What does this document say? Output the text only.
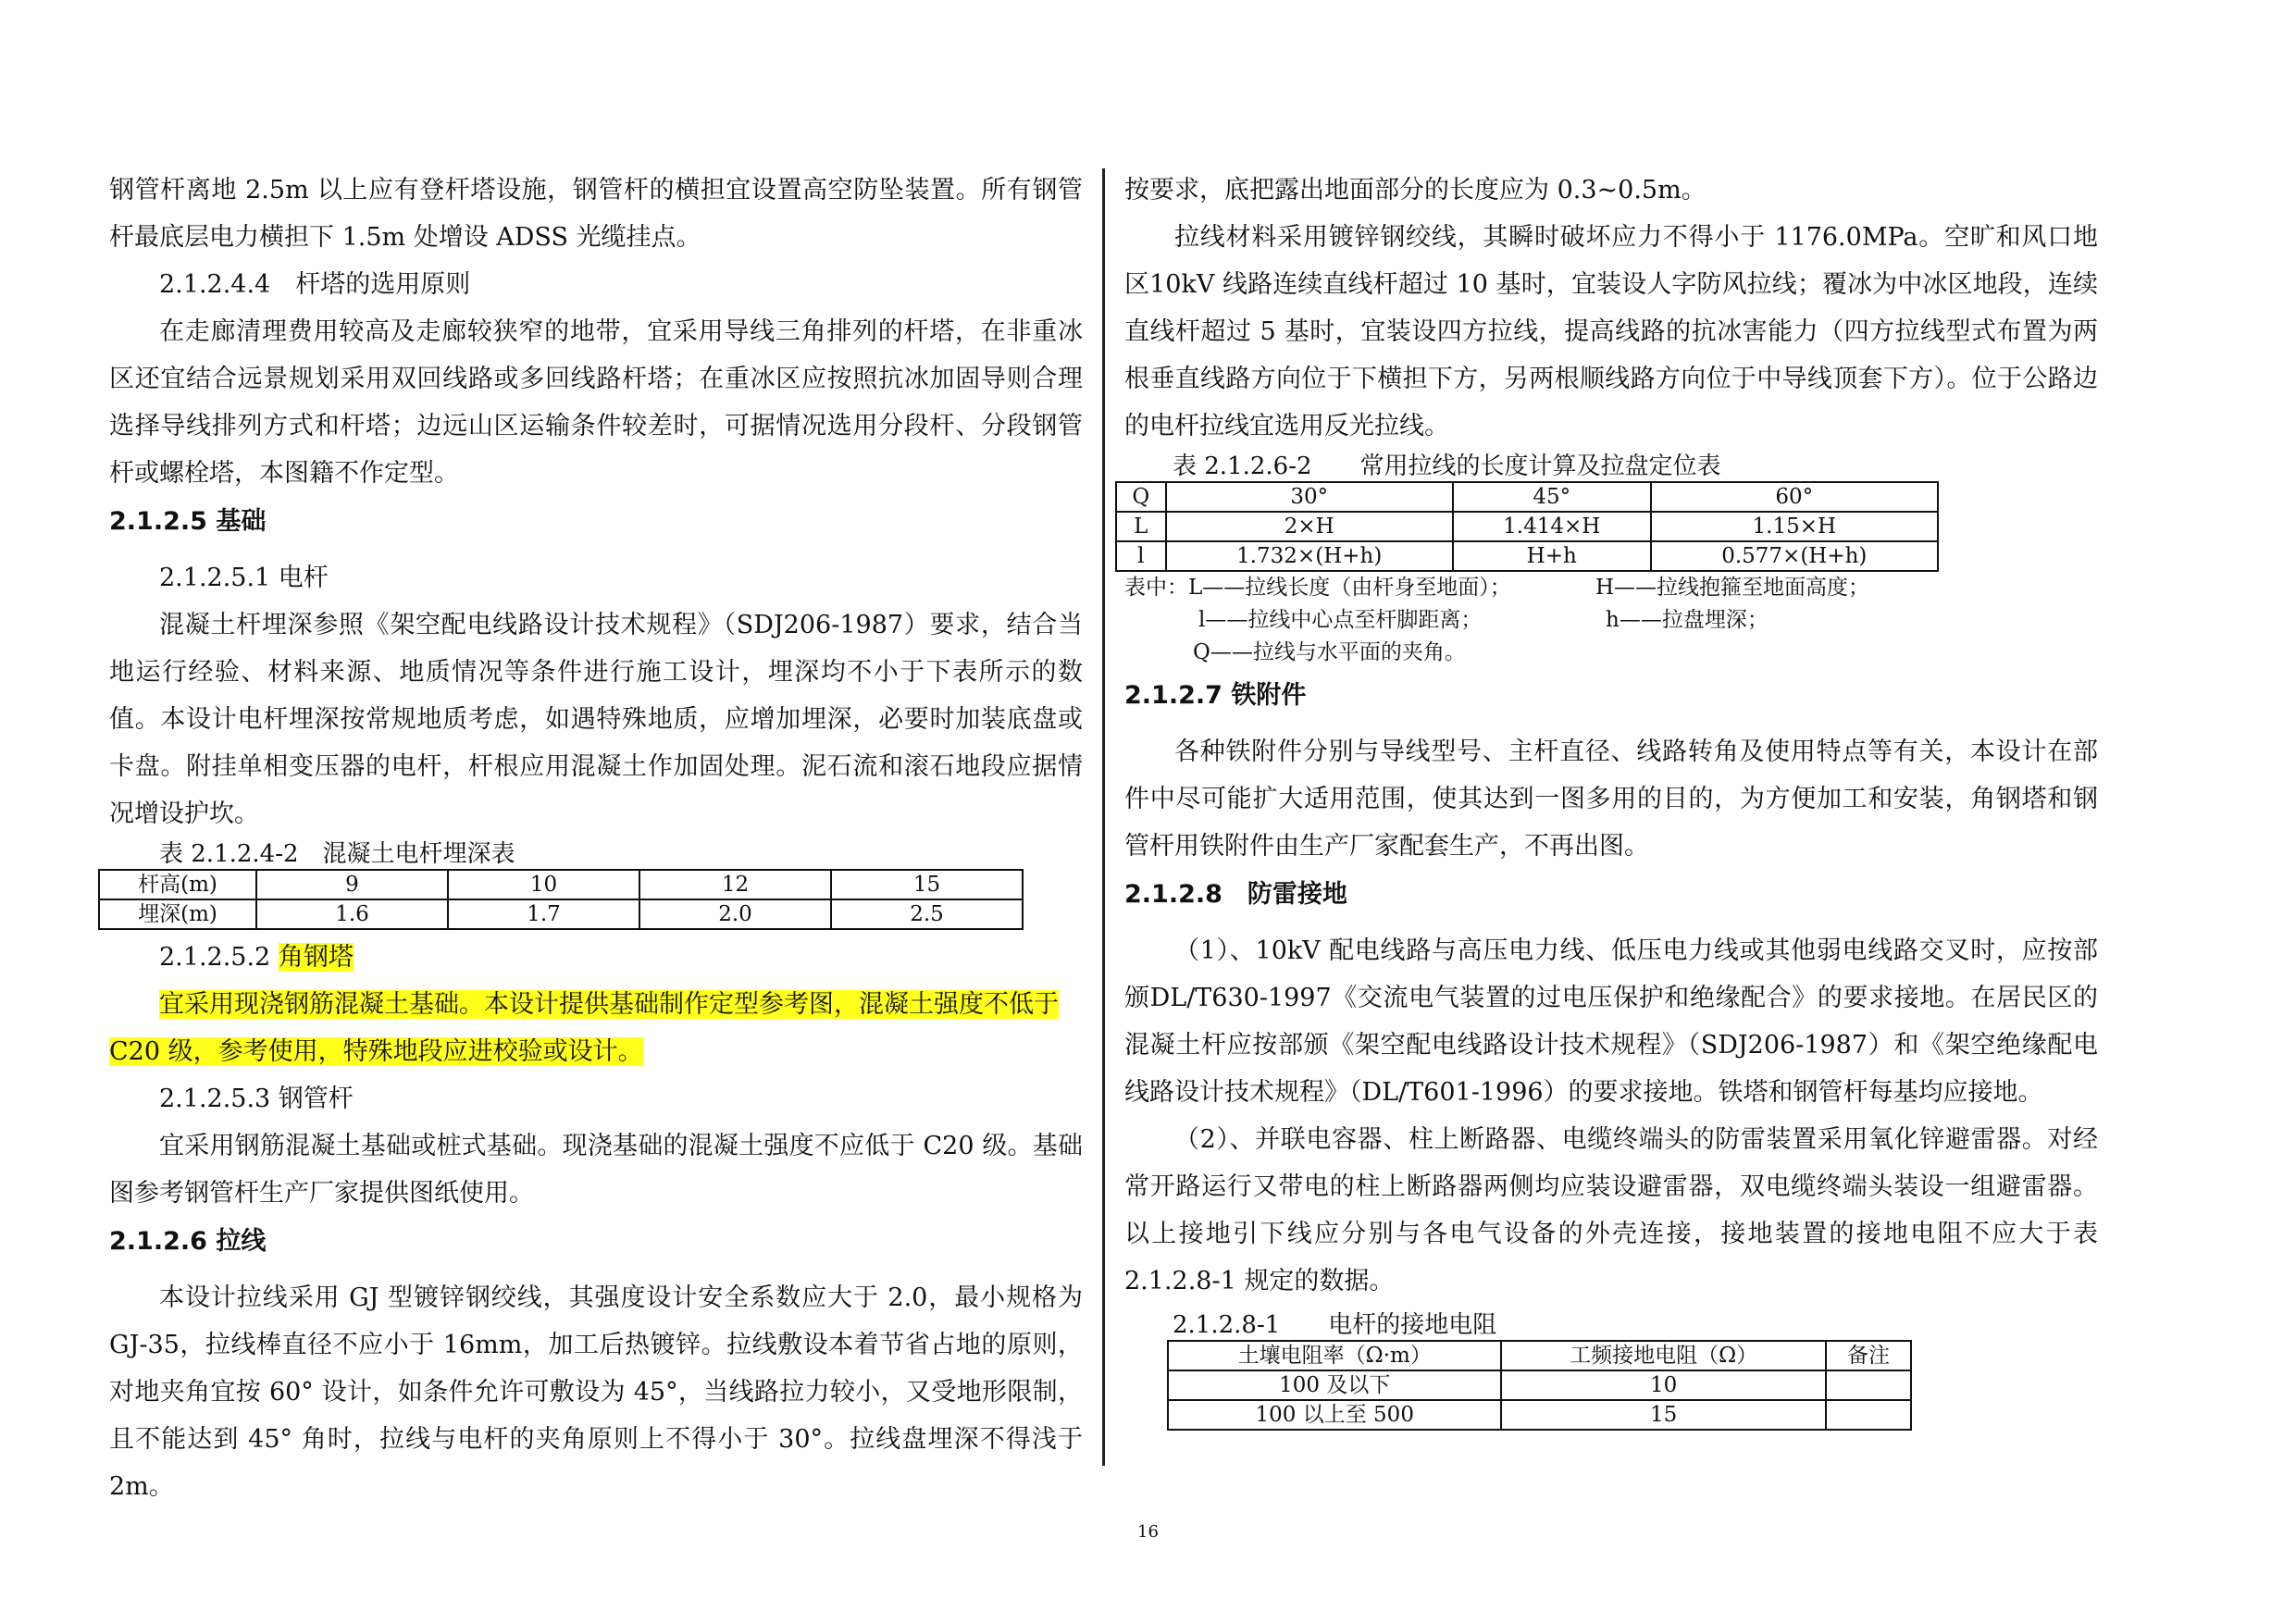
钢管杆离地 2.5m 以上应有登杆塔设施，钢管杆的横担宜设置高空防坠装置。所有钢管杆最底层电力横担下 1.5m 处增设 ADSS 光缆挂点。

2.1.2.4.4　杆塔的选用原则

在走廊清理费用较高及走廊较狭窄的地带，宜采用导线三角排列的杆塔，在非重冰区还宜结合远景规划采用双回线路或多回线路杆塔；在重冰区应按照抗冰加固导则合理选择导线排列方式和杆塔；边远山区运输条件较差时，可据情况选用分段杆、分段钢管杆或螺栓塔，本图籍不作定型。

2.1.2.5 基础

2.1.2.5.1 电杆

混凝土杆埋深参照《架空配电线路设计技术规程》（SDJ206-1987）要求，结合当地运行经验、材料来源、地质情况等条件进行施工设计，埋深均不小于下表所示的数值。本设计电杆埋深按常规地质考虑，如遇特殊地质，应增加埋深，必要时加装底盘或卡盘。附挂单相变压器的电杆，杆根应用混凝土作加固处理。泥石流和滚石地段应据情况增设护坎。

表 2.1.2.4-2　混凝土电杆埋深表

杆高(m)	9	10	12	15
埋深(m)	1.6	1.7	2.0	2.5

2.1.2.5.2 角钢塔

宜采用现浇钢筋混凝土基础。本设计提供基础制作定型参考图，混凝土强度不低于

C20 级，参考使用，特殊地段应进校验或设计。

2.1.2.5.3 钢管杆

宜采用钢筋混凝土基础或桩式基础。现浇基础的混凝土强度不应低于 C20 级。基础图参考钢管杆生产厂家提供图纸使用。

2.1.2.6 拉线

本设计拉线采用 GJ 型镀锌钢绞线，其强度设计安全系数应大于 2.0，最小规格为 GJ-35，拉线棒直径不应小于 16mm，加工后热镀锌。拉线敷设本着节省占地的原则，对地夹角宜按 60° 设计，如条件允许可敷设为 45°，当线路拉力较小，又受地形限制，且不能达到 45° 角时，拉线与电杆的夹角原则上不得小于 30°。拉线盘埋深不得浅于 2m。

按要求，底把露出地面部分的长度应为 0.3~0.5m。

拉线材料采用镀锌钢绞线，其瞬时破坏应力不得小于 1176.0MPa。空旷和风口地区10kV 线路连续直线杆超过 10 基时，宜装设人字防风拉线；覆冰为中冰区地段，连续直线杆超过 5 基时，宜装设四方拉线，提高线路的抗冰害能力（四方拉线型式布置为两根垂直线路方向位于下横担下方，另两根顺线路方向位于中导线顶套下方）。位于公路边的电杆拉线宜选用反光拉线。

表 2.1.2.6-2　　常用拉线的长度计算及拉盘定位表

Q	30°	45°	60°
L	2×H	1.414×H	1.15×H
l	1.732×(H+h)	H+h	0.577×(H+h)
表中：L——拉线长度（由杆身至地面）；	H——拉线抱箍至地面高度；
l——拉线中心点至杆脚距离；	h——拉盘埋深；
Q——拉线与水平面的夹角。
2.1.2.7 铁附件

各种铁附件分别与导线型号、主杆直径、线路转角及使用特点等有关，本设计在部件中尽可能扩大适用范围，使其达到一图多用的目的，为方便加工和安装，角钢塔和钢管杆用铁附件由生产厂家配套生产，不再出图。

2.1.2.8　防雷接地

（1）、10kV 配电线路与高压电力线、低压电力线或其他弱电线路交叉时，应按部颁DL/T630-1997《交流电气装置的过电压保护和绝缘配合》的要求接地。在居民区的混凝土杆应按部颁《架空配电线路设计技术规程》（SDJ206-1987）和《架空绝缘配电线路设计技术规程》（DL/T601-1996）的要求接地。铁塔和钢管杆每基均应接地。

（2）、并联电容器、柱上断路器、电缆终端头的防雷装置采用氧化锌避雷器。对经常开路运行又带电的柱上断路器两侧均应装设避雷器，双电缆终端头装设一组避雷器。以上接地引下线应分别与各电气设备的外壳连接，接地装置的接地电阻不应大于表2.1.2.8-1 规定的数据。

2.1.2.8-1　　电杆的接地电阻

土壤电阻率（Ω·m）	工频接地电阻（Ω）	备注
100 及以下	10	
100 以上至 500	15	
16
